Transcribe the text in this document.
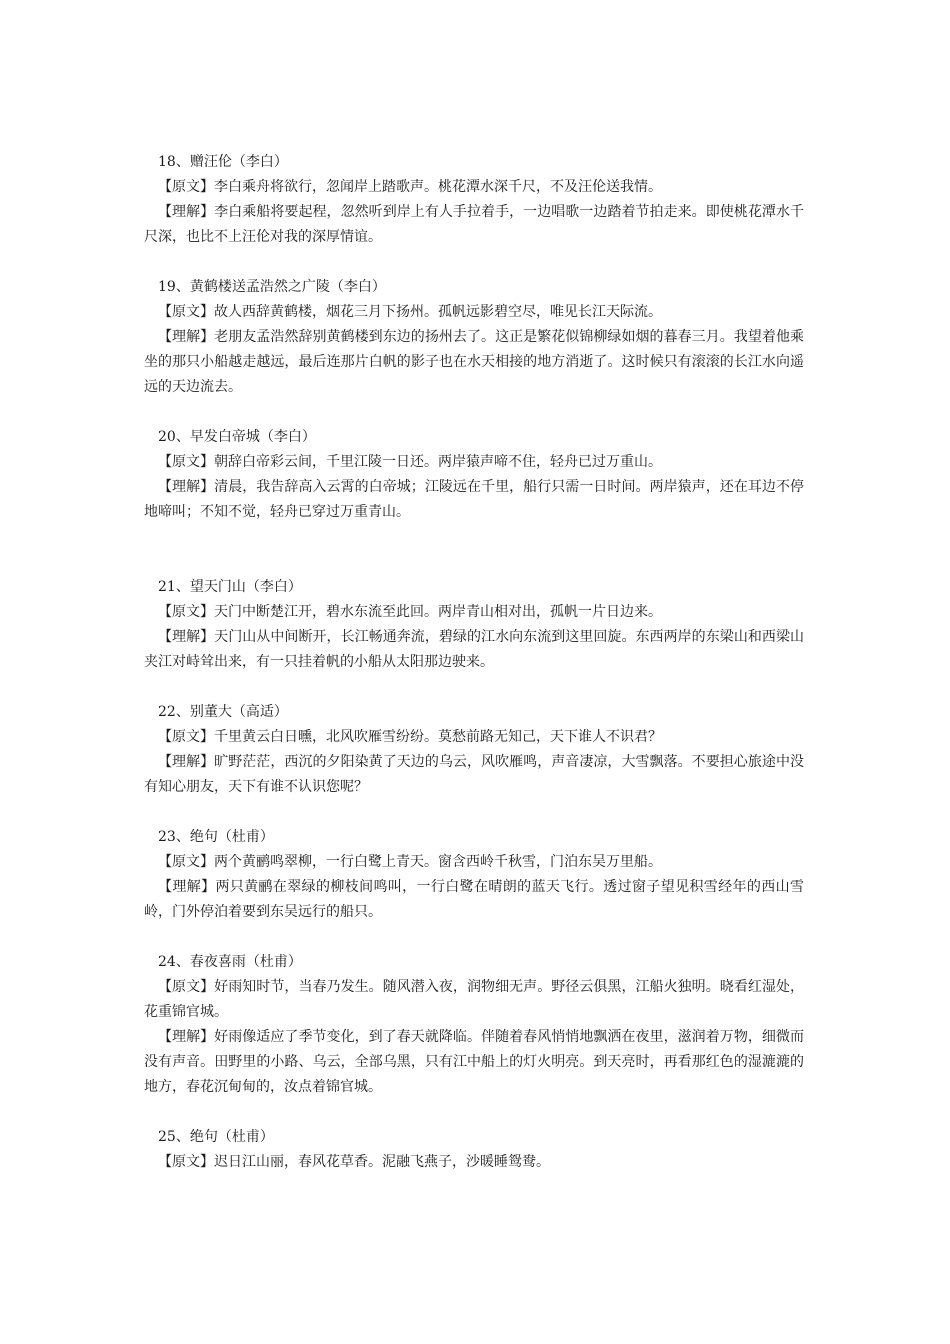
18、赠汪伦（李白）

【原文】李白乘舟将欲行，忽闻岸上踏歌声。桃花潭水深千尺，不及汪伦送我情。

【理解】李白乘船将要起程，忽然听到岸上有人手拉着手，一边唱歌一边踏着节拍走来。即使桃花潭水千尺深，也比不上汪伦对我的深厚情谊。

19、黄鹤楼送孟浩然之广陵（李白）

【原文】故人西辞黄鹤楼，烟花三月下扬州。孤帆远影碧空尽，唯见长江天际流。

【理解】老朋友孟浩然辞别黄鹤楼到东边的扬州去了。这正是繁花似锦柳绿如烟的暮春三月。我望着他乘坐的那只小船越走越远，最后连那片白帆的影子也在水天相接的地方消逝了。这时候只有滚滚的长江水向遥远的天边流去。

20、早发白帝城（李白）

【原文】朝辞白帝彩云间，千里江陵一日还。两岸猿声啼不住，轻舟已过万重山。

【理解】清晨，我告辞高入云霄的白帝城；江陵远在千里，船行只需一日时间。两岸猿声，还在耳边不停地啼叫；不知不觉，轻舟已穿过万重青山。

21、望天门山（李白）

【原文】天门中断楚江开，碧水东流至此回。两岸青山相对出，孤帆一片日边来。

【理解】天门山从中间断开，长江畅通奔流，碧绿的江水向东流到这里回旋。东西两岸的东梁山和西梁山夹江对峙耸出来，有一只挂着帆的小船从太阳那边驶来。

22、别董大（高适）

【原文】千里黄云白日曛，北风吹雁雪纷纷。莫愁前路无知己，天下谁人不识君？

【理解】旷野茫茫，西沉的夕阳染黄了天边的乌云，风吹雁鸣，声音凄凉，大雪飘落。不要担心旅途中没有知心朋友，天下有谁不认识您呢？

23、绝句（杜甫）

【原文】两个黄鹂鸣翠柳，一行白鹭上青天。窗含西岭千秋雪，门泊东吴万里船。

【理解】两只黄鹂在翠绿的柳枝间鸣叫，一行白鹭在晴朗的蓝天飞行。透过窗子望见积雪经年的西山雪岭，门外停泊着要到东吴远行的船只。

24、春夜喜雨（杜甫）

【原文】好雨知时节，当春乃发生。随风潜入夜，润物细无声。野径云俱黑，江船火独明。晓看红湿处，花重锦官城。

【理解】好雨像适应了季节变化，到了春天就降临。伴随着春风悄悄地飘洒在夜里，滋润着万物，细微而没有声音。田野里的小路、乌云，全部乌黑，只有江中船上的灯火明亮。到天亮时，再看那红色的湿漉漉的地方，春花沉甸甸的，汝点着锦官城。

25、绝句（杜甫）

【原文】迟日江山丽，春风花草香。泥融飞燕子，沙暖睡鸳鸯。
